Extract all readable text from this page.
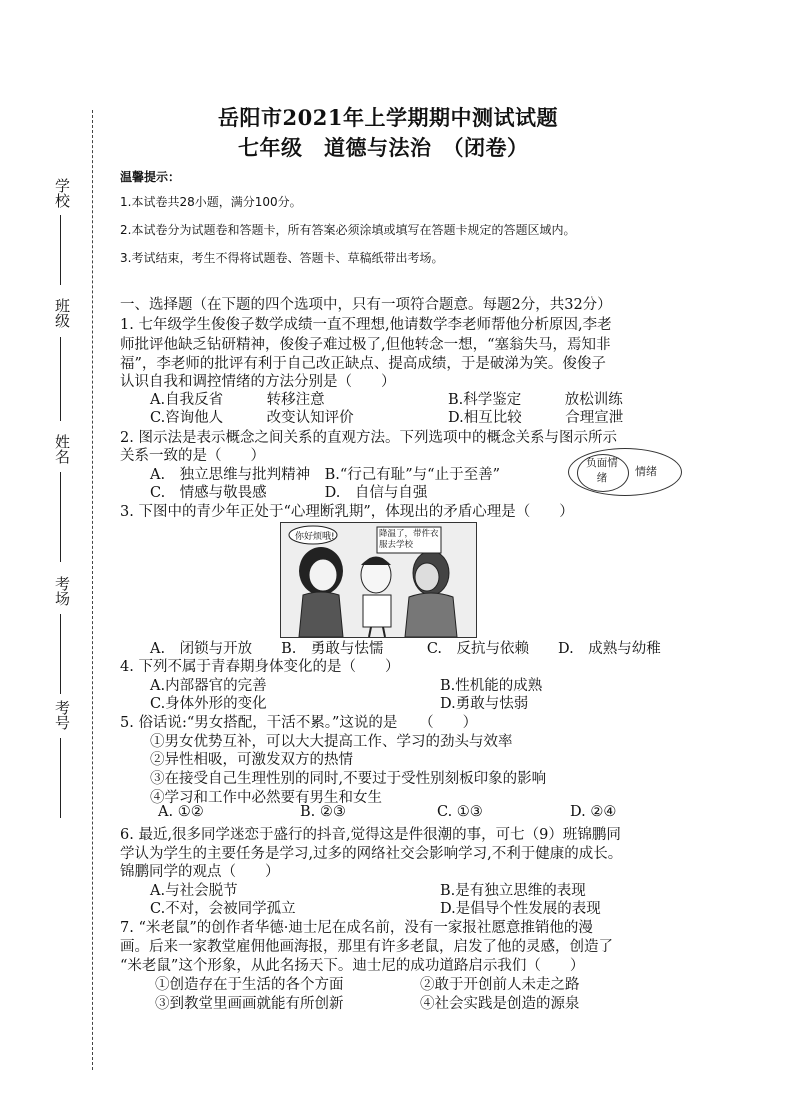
学校
班级
姓名
考场
考号
岳阳市2021年上学期期中测试试题
七年级　道德与法治　（闭卷）
温馨提示：
1.本试卷共28小题，满分100分。
2.本试卷分为试题卷和答题卡，所有答案必须涂填或填写在答题卡规定的答题区域内。
3.考试结束，考生不得将试题卷、答题卡、草稿纸带出考场。
一、选择题（在下题的四个选项中，只有一项符合题意。每题2分，共32分）
1. 七年级学生俊俊子数学成绩一直不理想,他请数学李老师帮他分析原因,李老
师批评他缺乏钻研精神，俊俊子难过极了,但他转念一想，“塞翁失马，焉知非
福”，李老师的批评有利于自己改正缺点、提高成绩，于是破涕为笑。俊俊子
认识自我和调控情绪的方法分别是（　　）
A.自我反省　　　转移注意	B.科学鉴定　　　放松训练
C.咨询他人　　　改变认知评价	D.相互比较　　　合理宣泄
2. 图示法是表示概念之间关系的直观方法。下列选项中的概念关系与图示所示
关系一致的是（　　）
A.　独立思维与批判精神　B.“行己有耻”与“止于至善”
C.　情感与敬畏感　　　　D.　自信与自强
负面情绪	情绪
3. 下图中的青少年正处于“心理断乳期”，体现出的矛盾心理是（　　）
你好烦哦!	降温了，带件衣服去学校
A.　闭锁与开放　　B.　勇敢与怯懦　　　C.　反抗与依赖　　D.　成熟与幼稚
4. 下列不属于青春期身体变化的是（　　）
A.内部器官的完善	B.性机能的成熟
C.身体外形的变化	D.勇敢与怯弱
5. 俗话说:“男女搭配，干活不累。”这说的是　　（　　）
①男女优势互补，可以大大提高工作、学习的劲头与效率
②异性相吸，可激发双方的热情
③在接受自己生理性别的同时,不要过于受性别刻板印象的影响
④学习和工作中必然要有男生和女生
A. ①②	B. ②③	C. ①③	D. ②④
6. 最近,很多同学迷恋于盛行的抖音,觉得这是件很潮的事，可七（9）班锦鹏同
学认为学生的主要任务是学习,过多的网络社交会影响学习,不利于健康的成长。
锦鹏同学的观点（　　）
A.与社会脱节	B.是有独立思维的表现
C.不对，会被同学孤立	D.是倡导个性发展的表现
7. “米老鼠”的创作者华德·迪士尼在成名前，没有一家报社愿意推销他的漫
画。后来一家教堂雇佣他画海报，那里有许多老鼠，启发了他的灵感，创造了
“米老鼠”这个形象，从此名扬天下。迪士尼的成功道路启示我们（　　）
①创造存在于生活的各个方面	②敢于开创前人未走之路
③到教堂里画画就能有所创新	④社会实践是创造的源泉
